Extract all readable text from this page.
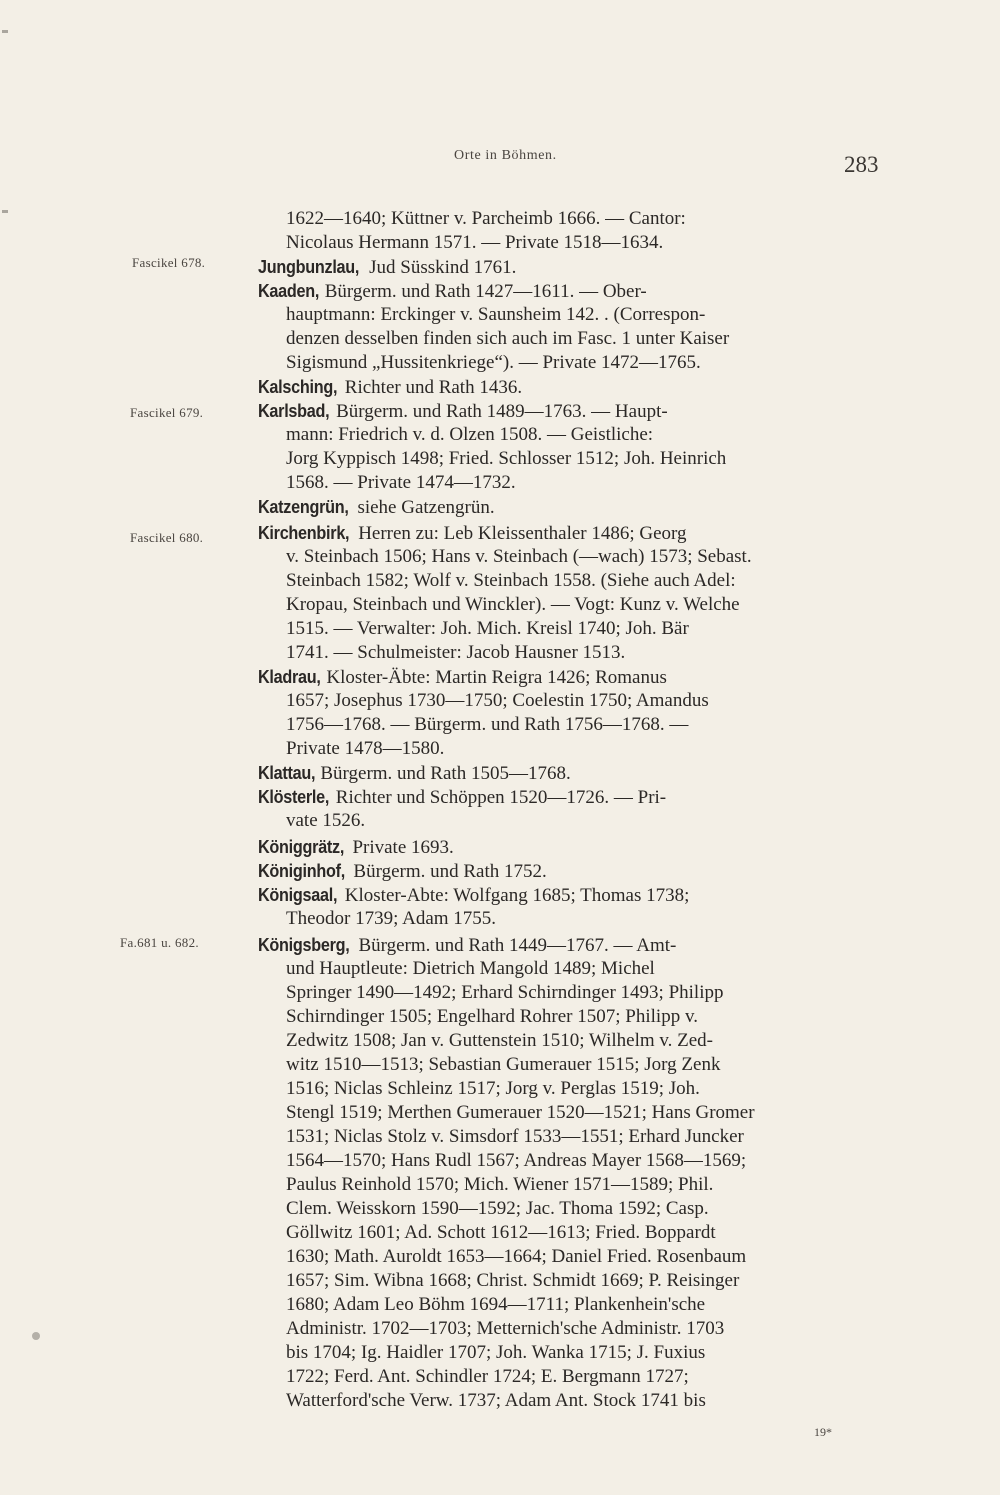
Orte in Böhmen.	283
Fascikel 678.
Fascikel 679.
Fascikel 680.
Fa.681 u. 682.
1622—1640; Küttner v. Parcheimb 1666. — Cantor:
Nicolaus Hermann 1571. — Private 1518—1634.
Jungbunzlau, Jud Süsskind 1761.
Kaaden, Bürgerm. und Rath 1427—1611. — Ober-
hauptmann: Erckinger v. Saunsheim 142. . (Correspon-
denzen desselben finden sich auch im Fasc. 1 unter Kaiser
Sigismund „Hussitenkriege“). — Private 1472—1765.
Kalsching, Richter und Rath 1436.
Karlsbad, Bürgerm. und Rath 1489—1763. — Haupt-
mann: Friedrich v. d. Olzen 1508. — Geistliche:
Jorg Kyppisch 1498; Fried. Schlosser 1512; Joh. Heinrich
1568. — Private 1474—1732.
Katzengrün, siehe Gatzengrün.
Kirchenbirk, Herren zu: Leb Kleissenthaler 1486; Georg
v. Steinbach 1506; Hans v. Steinbach (—wach) 1573; Sebast.
Steinbach 1582; Wolf v. Steinbach 1558. (Siehe auch Adel:
Kropau, Steinbach und Winckler). — Vogt: Kunz v. Welche
1515. — Verwalter: Joh. Mich. Kreisl 1740; Joh. Bär
1741. — Schulmeister: Jacob Hausner 1513.
Kladrau, Kloster-Äbte: Martin Reigra 1426; Romanus
1657; Josephus 1730—1750; Coelestin 1750; Amandus
1756—1768. — Bürgerm. und Rath 1756—1768. —
Private 1478—1580.
Klattau, Bürgerm. und Rath 1505—1768.
Klösterle, Richter und Schöppen 1520—1726. — Pri-
vate 1526.
Königgrätz, Private 1693.
Königinhof, Bürgerm. und Rath 1752.
Königsaal, Kloster-Abte: Wolfgang 1685; Thomas 1738;
Theodor 1739; Adam 1755.
Königsberg, Bürgerm. und Rath 1449—1767. — Amt-
und Hauptleute: Dietrich Mangold 1489; Michel
Springer 1490—1492; Erhard Schirndinger 1493; Philipp
Schirndinger 1505; Engelhard Rohrer 1507; Philipp v.
Zedwitz 1508; Jan v. Guttenstein 1510; Wilhelm v. Zed-
witz 1510—1513; Sebastian Gumerauer 1515; Jorg Zenk
1516; Niclas Schleinz 1517; Jorg v. Perglas 1519; Joh.
Stengl 1519; Merthen Gumerauer 1520—1521; Hans Gromer
1531; Niclas Stolz v. Simsdorf 1533—1551; Erhard Juncker
1564—1570; Hans Rudl 1567; Andreas Mayer 1568—1569;
Paulus Reinhold 1570; Mich. Wiener 1571—1589; Phil.
Clem. Weisskorn 1590—1592; Jac. Thoma 1592; Casp.
Göllwitz 1601; Ad. Schott 1612—1613; Fried. Boppardt
1630; Math. Auroldt 1653—1664; Daniel Fried. Rosenbaum
1657; Sim. Wibna 1668; Christ. Schmidt 1669; P. Reisinger
1680; Adam Leo Böhm 1694—1711; Plankenhein'sche
Administr. 1702—1703; Metternich'sche Administr. 1703
bis 1704; Ig. Haidler 1707; Joh. Wanka 1715; J. Fuxius
1722; Ferd. Ant. Schindler 1724; E. Bergmann 1727;
Watterford'sche Verw. 1737; Adam Ant. Stock 1741 bis
19*
